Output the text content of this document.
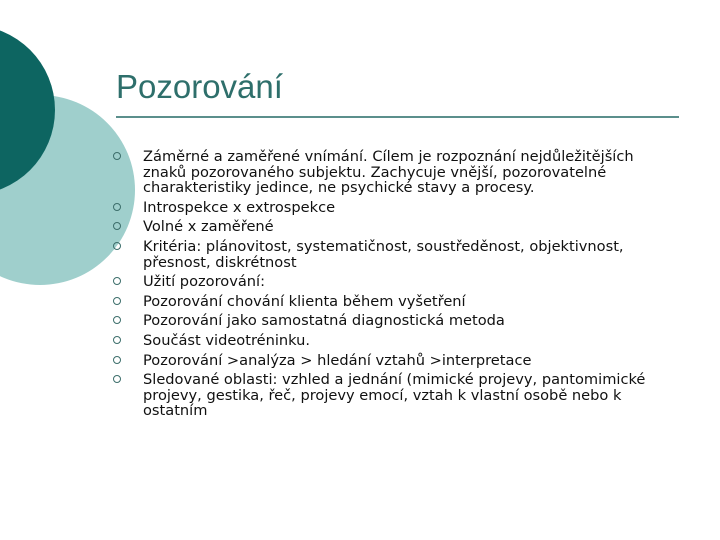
Pozorování
Záměrné a zaměřené vnímání. Cílem je rozpoznání nejdůležitějších znaků pozorovaného subjektu. Zachycuje vnější, pozorovatelné charakteristiky jedince, ne psychické stavy a procesy.
Introspekce x extrospekce
Volné x zaměřené
Kritéria: plánovitost, systematičnost, soustředěnost, objektivnost, přesnost, diskrétnost
Užití pozorování:
Pozorování chování klienta během vyšetření
Pozorování jako samostatná diagnostická metoda
Součást videotréninku.
Pozorování >analýza > hledání vztahů >interpretace
Sledované oblasti: vzhled a jednání (mimické projevy, pantomimické projevy, gestika, řeč, projevy emocí, vztah k vlastní osobě nebo k ostatním
